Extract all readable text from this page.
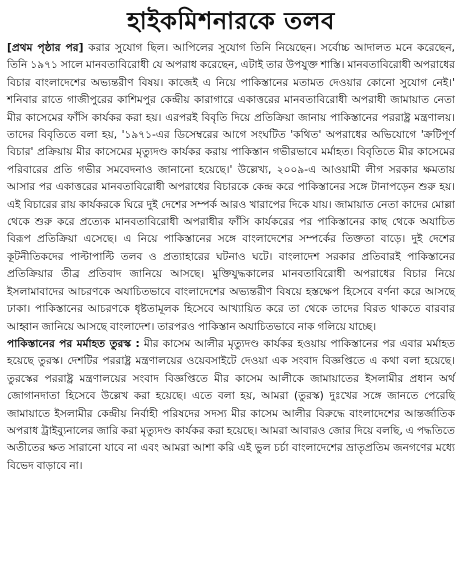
হাইকমিশনারকে তলব

[প্রথম পৃষ্ঠার পর] করার সুযোগ ছিল। আপিলের সুযোগ তিনি নিয়েছেন। সর্বোচ্চ আদালত মনে করেছেন, তিনি ১৯৭১ সালে মানবতাবিরোধী যে অপরাধ করেছেন, এটাই তার উপযুক্ত শাস্তি। মানবতাবিরোধী অপরাধের বিচার বাংলাদেশের অভ্যন্তরীণ বিষয়। কাজেই এ নিয়ে পাকিস্তানের মতামত দেওয়ার কোনো সুযোগ নেই।' শনিবার রাতে গাজীপুরের কাশিমপুর কেন্দ্রীয় কারাগারে একাত্তরের মানবতাবিরোধী অপরাধী জামায়াত নেতা মীর কাসেমের ফাঁসি কার্যকর করা হয়। এরপরই বিবৃতি দিয়ে প্রতিক্রিয়া জানায় পাকিস্তানের পররাষ্ট্র মন্ত্রণালয়। তাদের বিবৃতিতে বলা হয়, '১৯৭১-এর ডিসেম্বরের আগে সংঘটিত 'কথিত' অপরাধের অভিযোগে 'ক্রটিপূর্ণ বিচার' প্রক্রিয়ায় মীর কাসেমের মৃত্যুদণ্ড কার্যকর করায় পাকিস্তান গভীরভাবে মর্মাহত। বিবৃতিতে মীর কাসেমের পরিবারের প্রতি গভীর সমবেদনাও জানানো হয়েছে।' উল্লেখ্য, ২০০৯-এ আওয়ামী লীগ সরকার ক্ষমতায় আসার পর একাত্তরের মানবতাবিরোধী অপরাধের বিচারকে কেন্দ্র করে পাকিস্তানের সঙ্গে টানাপড়েন শুরু হয়। এই বিচারের রায় কার্যকরকে ঘিরে দুই দেশের সম্পর্ক আরও খারাপের দিকে যায়। জামায়াত নেতা কাদের মোল্লা থেকে শুরু করে প্রত্যেক মানবতাবিরোধী অপরাধীর ফাঁসি কার্যকরের পর পাকিস্তানের কাছ থেকে অযাচিত বিরূপ প্রতিক্রিয়া এসেছে। এ নিয়ে পাকিস্তানের সঙ্গে বাংলাদেশের সম্পর্কের তিক্ততা বাড়ে। দুই দেশের কূটনীতিকদের পাল্টাপাল্টি তলব ও প্রত্যাহারের ঘটনাও ঘটে। বাংলাদেশ সরকার প্রতিবারই পাকিস্তানের প্রতিক্রিয়ার তীব্র প্রতিবাদ জানিয়ে আসছে। মুক্তিযুদ্ধকালের মানবতাবিরোধী অপরাধের বিচার নিয়ে ইসলামাবাদের আচরণকে অযাচিতভাবে বাংলাদেশের অভ্যন্তরীণ বিষয়ে হস্তক্ষেপ হিসেবে বর্ণনা করে আসছে ঢাকা। পাকিস্তানের আচরণকে ধৃষ্টতামূলক হিসেবে আখ্যায়িত করে তা থেকে তাদের বিরত থাকতে বারবার আহ্বান জানিয়ে আসছে বাংলাদেশ। তারপরও পাকিস্তান অযাচিতভাবে নাক গলিয়ে যাচ্ছে।

পাকিস্তানের পর মর্মাহত তুরস্ক : মীর কাসেম আলীর মৃত্যুদণ্ড কার্যকর হওয়ায় পাকিস্তানের পর এবার মর্মাহত হয়েছে তুরস্ক। দেশটির পররাষ্ট্র মন্ত্রণালয়ের ওয়েবসাইটে দেওয়া এক সংবাদ বিজ্ঞপ্তিতে এ কথা বলা হয়েছে। তুরস্কের পররাষ্ট্র মন্ত্রণালয়ের সংবাদ বিজ্ঞপ্তিতে মীর কাসেম আলীকে জামায়াতের ইসলামীর প্রধান অর্থ জোগানদাতা হিসেবে উল্লেখ করা হয়েছে। এতে বলা হয়, আমরা (তুরস্ক) দুঃখের সঙ্গে জানতে পেরেছি জামায়াতে ইসলামীর কেন্দ্রীয় নির্বাহী পরিষদের সদস্য মীর কাসেম আলীর বিরুদ্ধে বাংলাদেশের আন্তর্জাতিক অপরাধ ট্রাইব্যুনালের জারি করা মৃত্যুদণ্ড কার্যকর করা হয়েছে। আমরা আবারও জোর দিয়ে বলছি, এ পদ্ধতিতে অতীতের ক্ষত সারানো যাবে না এবং আমরা আশা করি এই ভুল চর্চা বাংলাদেশের ভ্রাতৃপ্রতিম জনগণের মধ্যে বিভেদ বাড়াবে না।
